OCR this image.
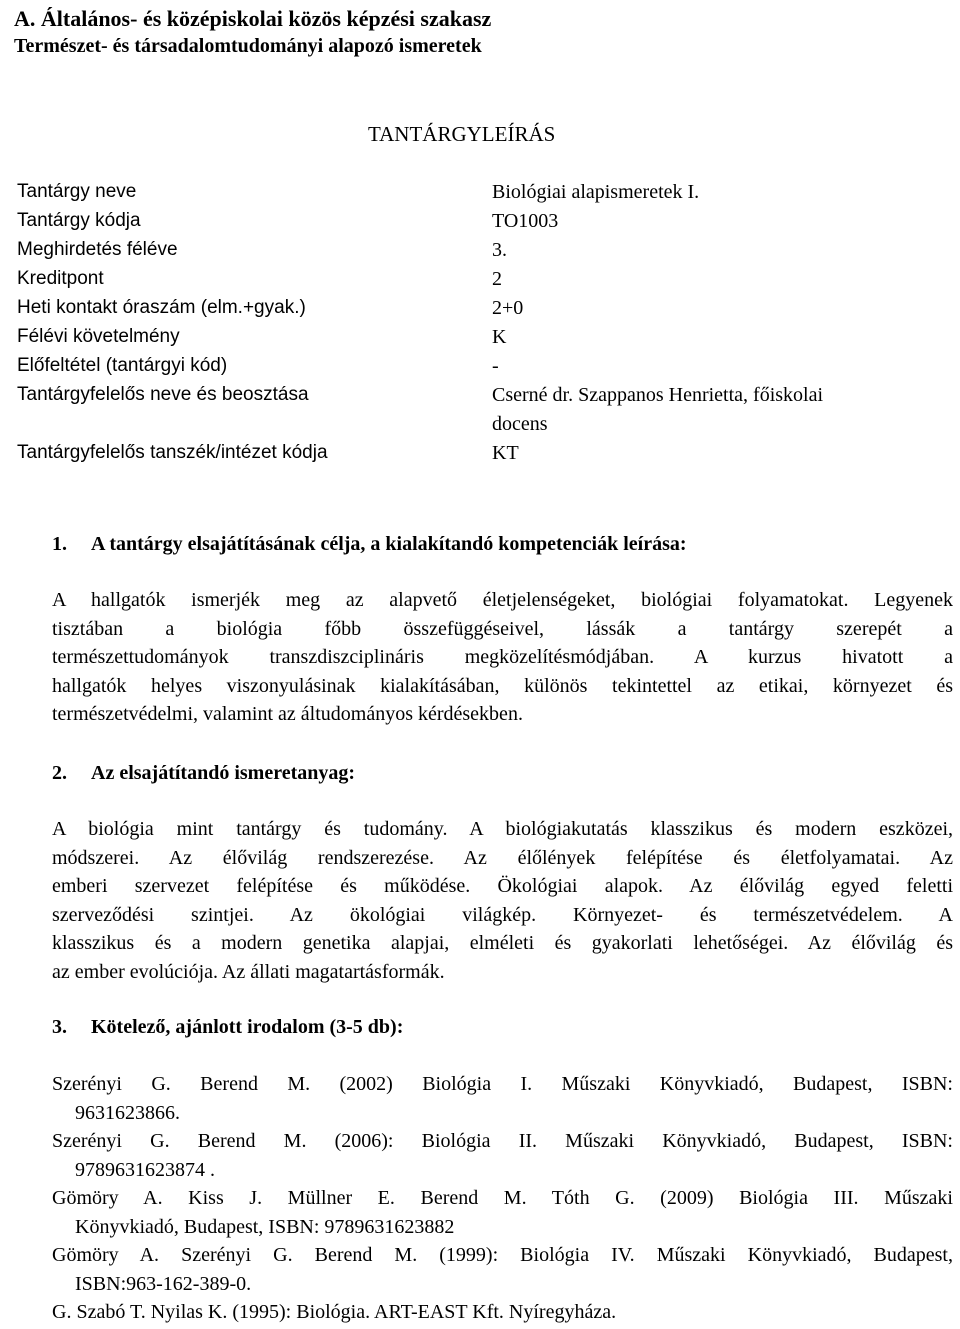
A. Általános- és középiskolai közös képzési szakasz
Természet- és társadalomtudományi alapozó ismeretek
TANTÁRGYLEÍRÁS
Tantárgy neve	Biológiai alapismeretek I.
Tantárgy kódja	TO1003
Meghirdetés féléve	3.
Kreditpont	2
Heti kontakt óraszám (elm.+gyak.)	2+0
Félévi követelmény	K
Előfeltétel (tantárgyi kód)	-
Tantárgyfelelős neve és beosztása	Cserné dr. Szappanos Henrietta, főiskolai
docens
Tantárgyfelelős tanszék/intézet kódja	KT
1. A tantárgy elsajátításának célja, a kialakítandó kompetenciák leírása:
A hallgatók ismerjék meg az alapvető életjelenségeket, biológiai folyamatokat. Legyenek
tisztában a biológia főbb összefüggéseivel, lássák a tantárgy szerepét a
természettudományok transzdiszciplináris megközelítésmódjában. A kurzus hivatott a
hallgatók helyes viszonyulásinak kialakításában, különös tekintettel az etikai, környezet és
természetvédelmi, valamint az áltudományos kérdésekben.
2. Az elsajátítandó ismeretanyag:
A biológia mint tantárgy és tudomány. A biológiakutatás klasszikus és modern eszközei,
módszerei. Az élővilág rendszerezése. Az élőlények felépítése és életfolyamatai. Az
emberi szervezet felépítése és működése. Ökológiai alapok. Az élővilág egyed feletti
szerveződési szintjei. Az ökológiai világkép. Környezet- és természetvédelem. A
klasszikus és a modern genetika alapjai, elméleti és gyakorlati lehetőségei. Az élővilág és
az ember evolúciója. Az állati magatartásformák.
3. Kötelező, ajánlott irodalom (3-5 db):
Szerényi G. Berend M. (2002) Biológia I. Műszaki Könyvkiadó, Budapest, ISBN:
9631623866.
Szerényi G. Berend M. (2006): Biológia II. Műszaki Könyvkiadó, Budapest, ISBN:
9789631623874 .
Gömöry A. Kiss J. Müllner E. Berend M. Tóth G. (2009) Biológia III. Műszaki
Könyvkiadó, Budapest, ISBN: 9789631623882
Gömöry A. Szerényi G. Berend M. (1999): Biológia IV. Műszaki Könyvkiadó, Budapest,
ISBN:963-162-389-0.
G. Szabó T. Nyilas K. (1995): Biológia. ART-EAST Kft. Nyíregyháza.
